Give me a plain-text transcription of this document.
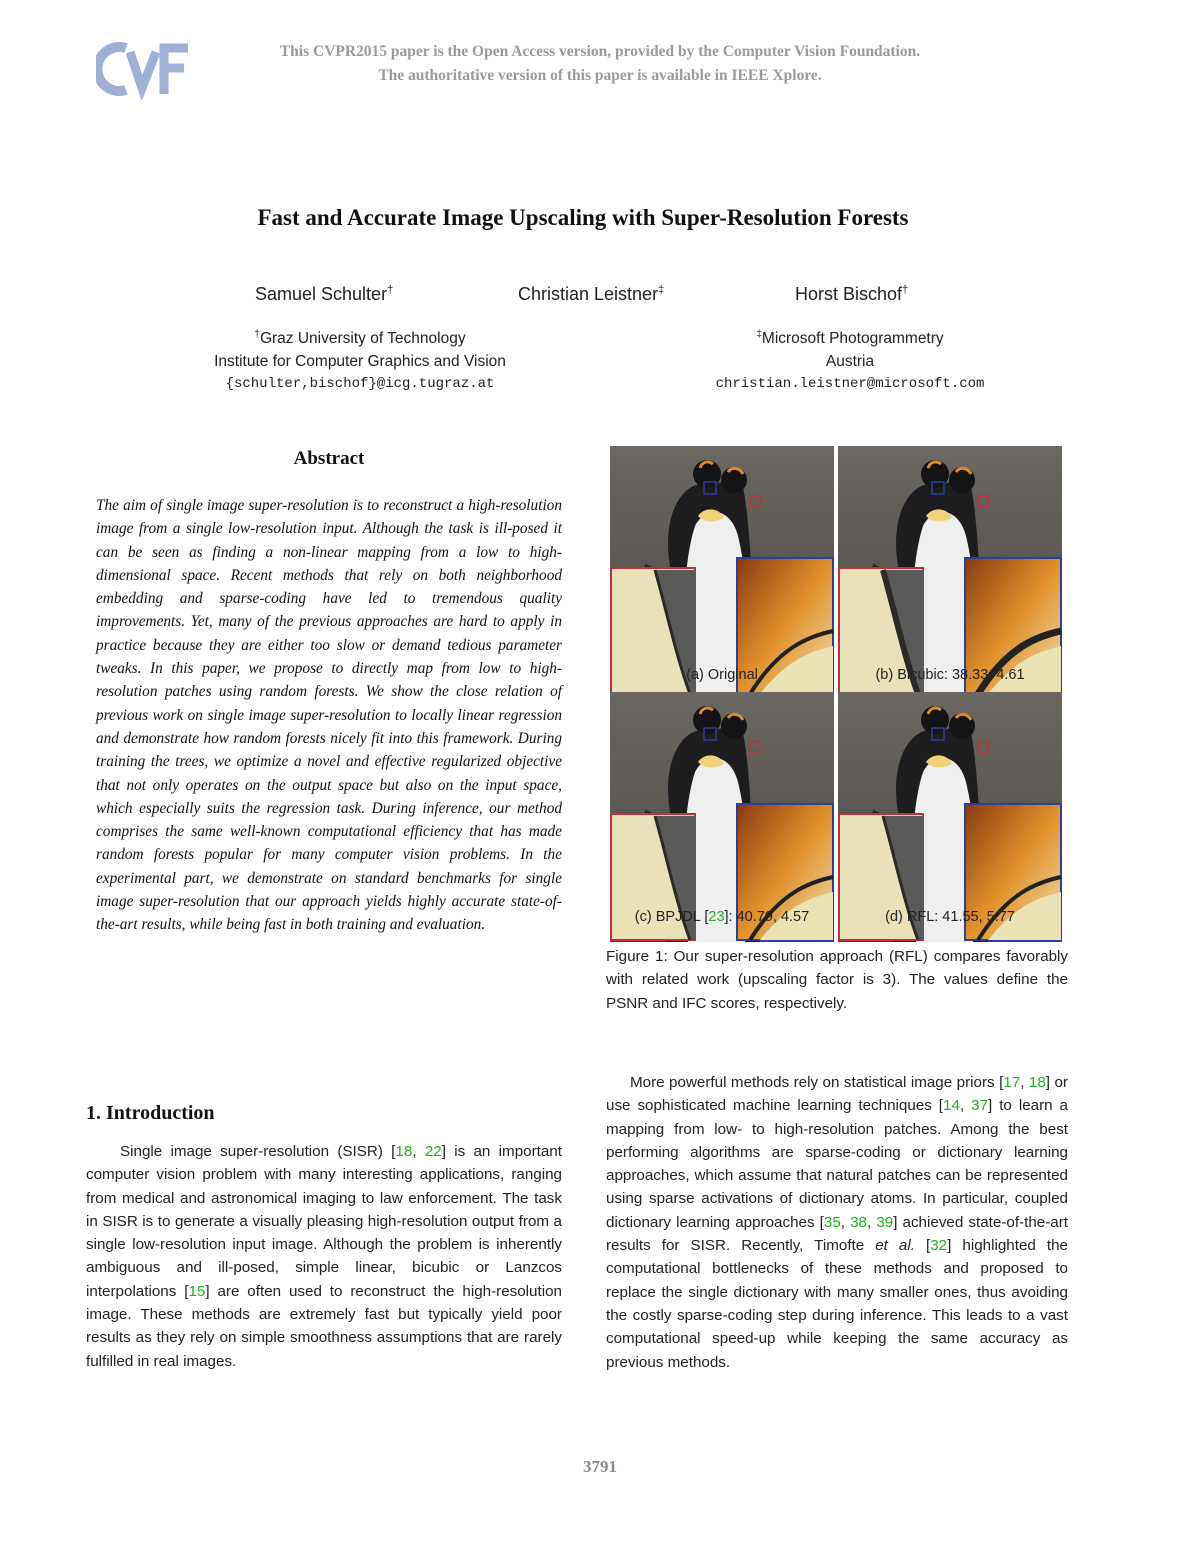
This CVPR2015 paper is the Open Access version, provided by the Computer Vision Foundation.
The authoritative version of this paper is available in IEEE Xplore.
Fast and Accurate Image Upscaling with Super-Resolution Forests
Samuel Schulter†	Christian Leistner‡	Horst Bischof†
†Graz University of Technology
Institute for Computer Graphics and Vision
{schulter,bischof}@icg.tugraz.at
‡Microsoft Photogrammetry
Austria
christian.leistner@microsoft.com
Abstract
The aim of single image super-resolution is to reconstruct a high-resolution image from a single low-resolution input. Although the task is ill-posed it can be seen as finding a non-linear mapping from a low to high-dimensional space. Recent methods that rely on both neighborhood embedding and sparse-coding have led to tremendous quality improvements. Yet, many of the previous approaches are hard to apply in practice because they are either too slow or demand tedious parameter tweaks. In this paper, we propose to directly map from low to high-resolution patches using random forests. We show the close relation of previous work on single image super-resolution to locally linear regression and demonstrate how random forests nicely fit into this framework. During training the trees, we optimize a novel and effective regularized objective that not only operates on the output space but also on the input space, which especially suits the regression task. During inference, our method comprises the same well-known computational efficiency that has made random forests popular for many computer vision problems. In the experimental part, we demonstrate on standard benchmarks for single image super-resolution that our approach yields highly accurate state-of-the-art results, while being fast in both training and evaluation.
1. Introduction
Single image super-resolution (SISR) [18, 22] is an important computer vision problem with many interesting applications, ranging from medical and astronomical imaging to law enforcement. The task in SISR is to generate a visually pleasing high-resolution output from a single low-resolution input image. Although the problem is inherently ambiguous and ill-posed, simple linear, bicubic or Lanzcos interpolations [15] are often used to reconstruct the high-resolution image. These methods are extremely fast but typically yield poor results as they rely on simple smoothness assumptions that are rarely fulfilled in real images.
More powerful methods rely on statistical image priors [17, 18] or use sophisticated machine learning techniques [14, 37] to learn a mapping from low- to high-resolution patches. Among the best performing algorithms are sparse-coding or dictionary learning approaches, which assume that natural patches can be represented using sparse activations of dictionary atoms. In particular, coupled dictionary learning approaches [35, 38, 39] achieved state-of-the-art results for SISR. Recently, Timofte et al. [32] highlighted the computational bottlenecks of these methods and proposed to replace the single dictionary with many smaller ones, thus avoiding the costly sparse-coding step during inference. This leads to a vast computational speed-up while keeping the same accuracy as previous methods.
(a) Original	(b) Bicubic: 38.33, 4.61
(c) BPJDL [23]: 40.79, 4.57	(d) RFL: 41.55, 5.77
Figure 1: Our super-resolution approach (RFL) compares favorably with related work (upscaling factor is 3). The values define the PSNR and IFC scores, respectively.
3791
